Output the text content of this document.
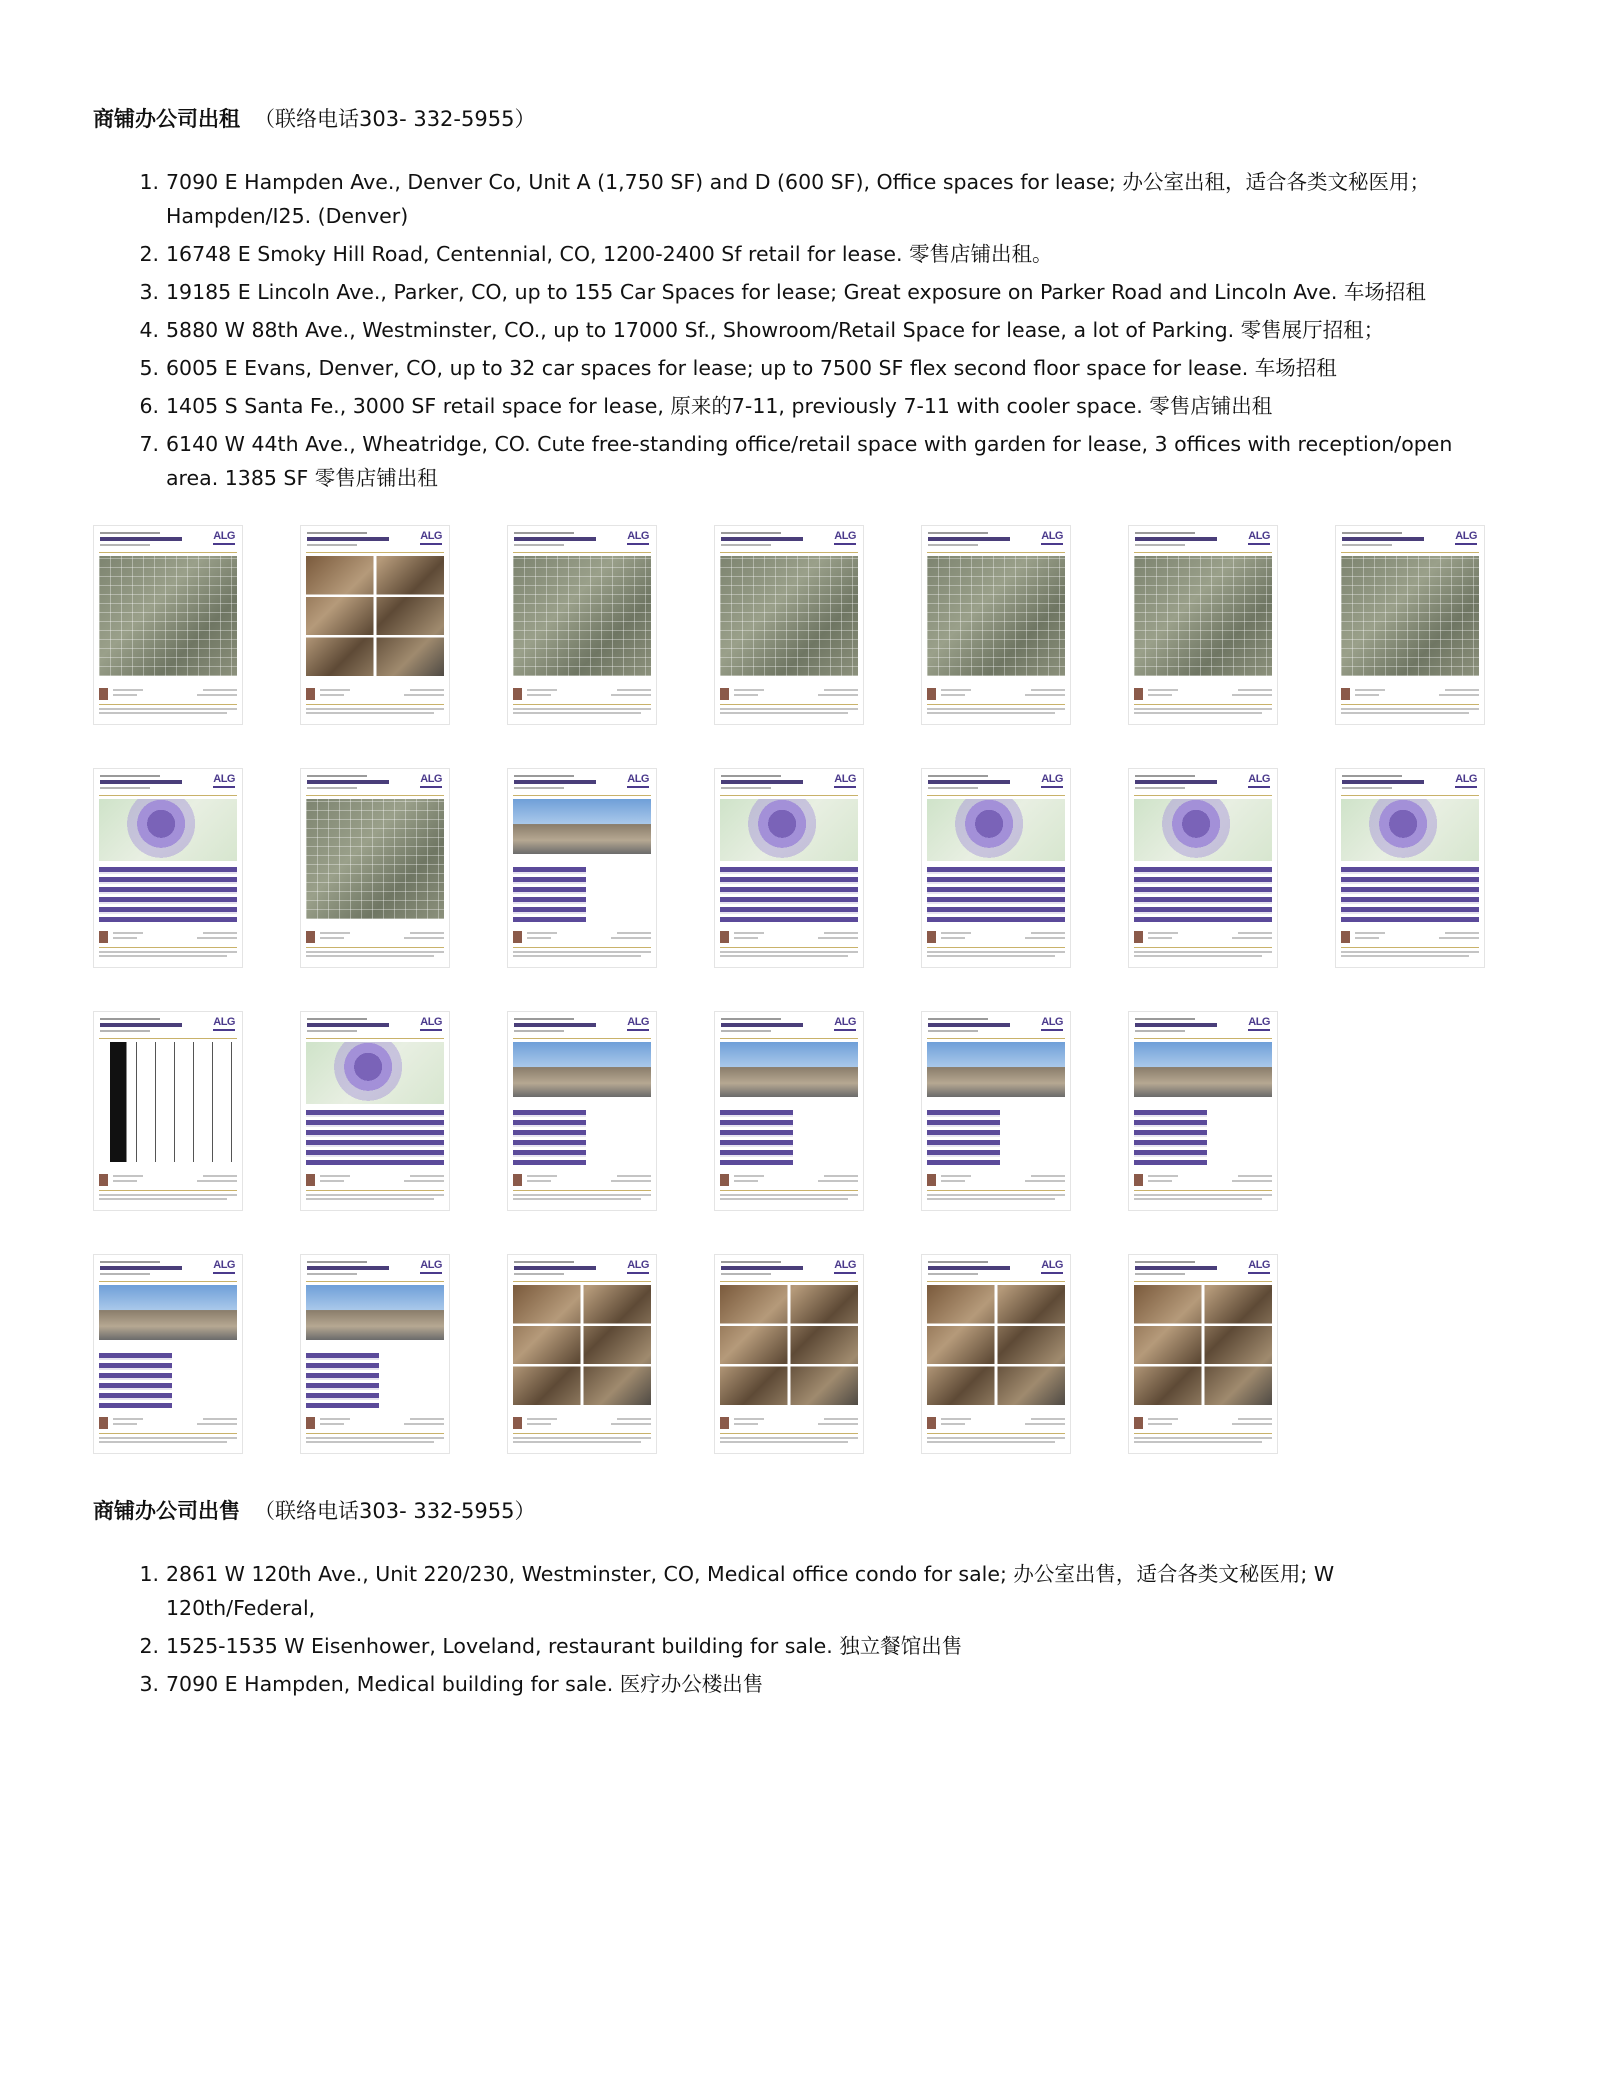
商铺办公司出租 （联络电话303- 332-5955）
1. 7090 E Hampden Ave., Denver Co, Unit A (1,750 SF) and D (600 SF), Office spaces for lease; 办公室出租，适合各类文秘医用；Hampden/I25. (Denver)
2. 16748 E Smoky Hill Road, Centennial, CO, 1200-2400 Sf retail for lease. 零售店铺出租。
3. 19185 E Lincoln Ave., Parker, CO, up to 155 Car Spaces for lease; Great exposure on Parker Road and Lincoln Ave. 车场招租
4. 5880 W 88th Ave., Westminster, CO., up to 17000 Sf., Showroom/Retail Space for lease, a lot of Parking. 零售展厅招租；
5. 6005 E Evans, Denver, CO, up to 32 car spaces for lease; up to 7500 SF flex second floor space for lease. 车场招租
6. 1405 S Santa Fe., 3000 SF retail space for lease, 原来的7-11, previously 7-11 with cooler space. 零售店铺出租
7. 6140 W 44th Ave., Wheatridge, CO. Cute free-standing office/retail space with garden for lease, 3 offices with reception/open area. 1385 SF 零售店铺出租
ALG	ALG	ALG	ALG	ALG	ALG	ALG
ALG	ALG	ALG	ALG	ALG	ALG	ALG
ALG	ALG	ALG	ALG	ALG	ALG
ALG	ALG	ALG	ALG	ALG	ALG
商铺办公司出售 （联络电话303- 332-5955）
1. 2861 W 120th Ave., Unit 220/230, Westminster, CO, Medical office condo for sale; 办公室出售，适合各类文秘医用; W 120th/Federal,
2. 1525-1535 W Eisenhower, Loveland, restaurant building for sale. 独立餐馆出售
3. 7090 E Hampden, Medical building for sale. 医疗办公楼出售
